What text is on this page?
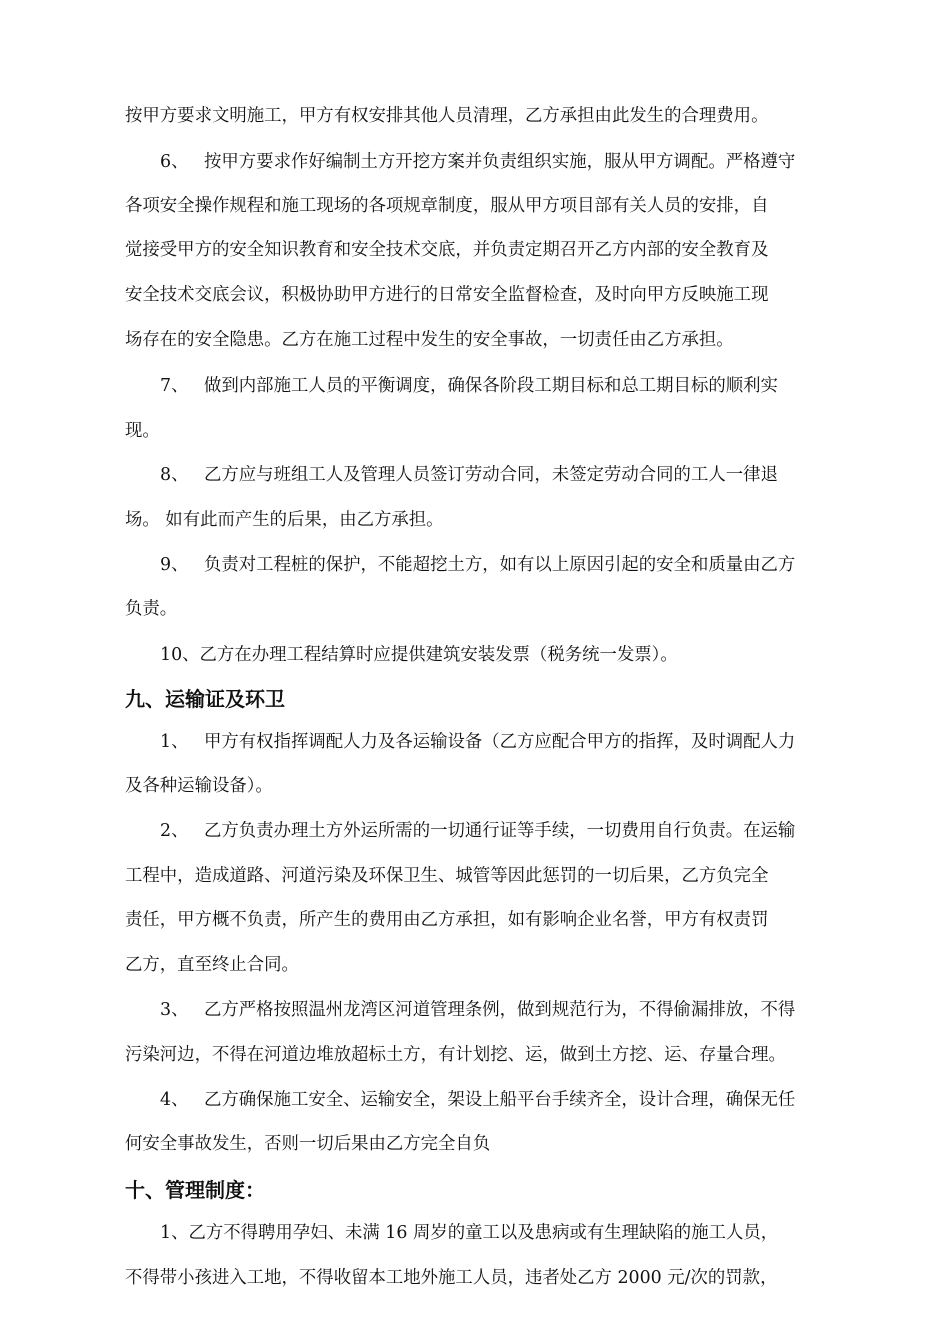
按甲方要求文明施工，甲方有权安排其他人员清理，乙方承担由此发生的合理费用。
6、 按甲方要求作好编制土方开挖方案并负责组织实施，服从甲方调配。严格遵守
各项安全操作规程和施工现场的各项规章制度，服从甲方项目部有关人员的安排，自
觉接受甲方的安全知识教育和安全技术交底，并负责定期召开乙方内部的安全教育及
安全技术交底会议，积极协助甲方进行的日常安全监督检查，及时向甲方反映施工现
场存在的安全隐患。乙方在施工过程中发生的安全事故，一切责任由乙方承担。
7、 做到内部施工人员的平衡调度，确保各阶段工期目标和总工期目标的顺利实
现。
8、 乙方应与班组工人及管理人员签订劳动合同，未签定劳动合同的工人一律退
场。 如有此而产生的后果，由乙方承担。
9、 负责对工程桩的保护，不能超挖土方，如有以上原因引起的安全和质量由乙方
负责。
10、乙方在办理工程结算时应提供建筑安装发票（税务统一发票）。
九、运输证及环卫
1、 甲方有权指挥调配人力及各运输设备（乙方应配合甲方的指挥，及时调配人力
及各种运输设备）。
2、 乙方负责办理土方外运所需的一切通行证等手续，一切费用自行负责。在运输
工程中，造成道路、河道污染及环保卫生、城管等因此惩罚的一切后果，乙方负完全
责任，甲方概不负责，所产生的费用由乙方承担，如有影响企业名誉，甲方有权责罚
乙方，直至终止合同。
3、 乙方严格按照温州龙湾区河道管理条例，做到规范行为，不得偷漏排放，不得
污染河边，不得在河道边堆放超标土方，有计划挖、运，做到土方挖、运、存量合理。
4、 乙方确保施工安全、运输安全，架设上船平台手续齐全，设计合理，确保无任
何安全事故发生，否则一切后果由乙方完全自负
十、管理制度：
1、乙方不得聘用孕妇、未满 16 周岁的童工以及患病或有生理缺陷的施工人员，
不得带小孩进入工地，不得收留本工地外施工人员，违者处乙方 2000 元/次的罚款，
